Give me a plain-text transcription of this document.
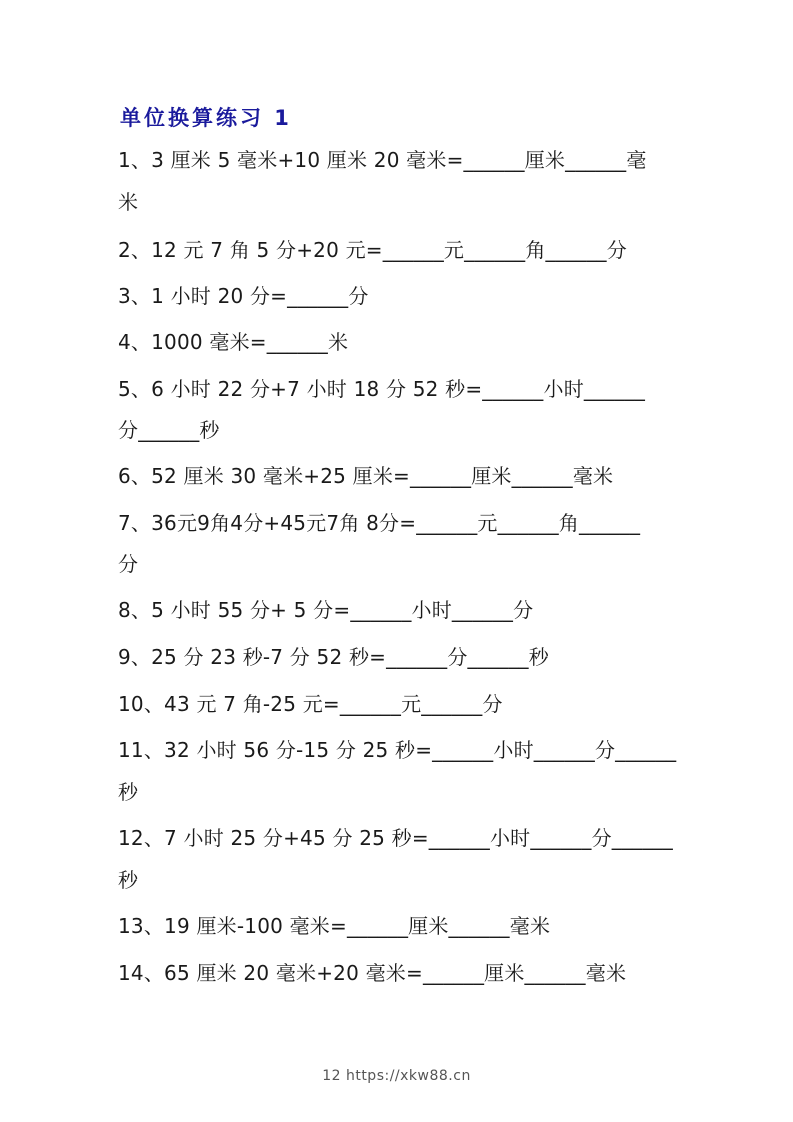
单位换算练习 1
1、3 厘米 5 毫米+10 厘米 20 毫米=______厘米______毫
米
2、12 元 7 角 5 分+20 元=______元______角______分
3、1 小时 20 分=______分
4、1000 毫米=______米
5、6 小时 22 分+7 小时 18 分 52 秒=______小时______
分______秒
6、52 厘米 30 毫米+25 厘米=______厘米______毫米
7、36元9角4分+45元7角 8分=______元______角______
分
8、5 小时 55 分+ 5 分=______小时______分
9、25 分 23 秒-7 分 52 秒=______分______秒
10、43 元 7 角-25 元=______元______分
11、32 小时 56 分-15 分 25 秒=______小时______分______
秒
12、7 小时 25 分+45 分 25 秒=______小时______分______
秒
13、19 厘米-100 毫米=______厘米______毫米
14、65 厘米 20 毫米+20 毫米=______厘米______毫米
12 https://xkw88.cn
